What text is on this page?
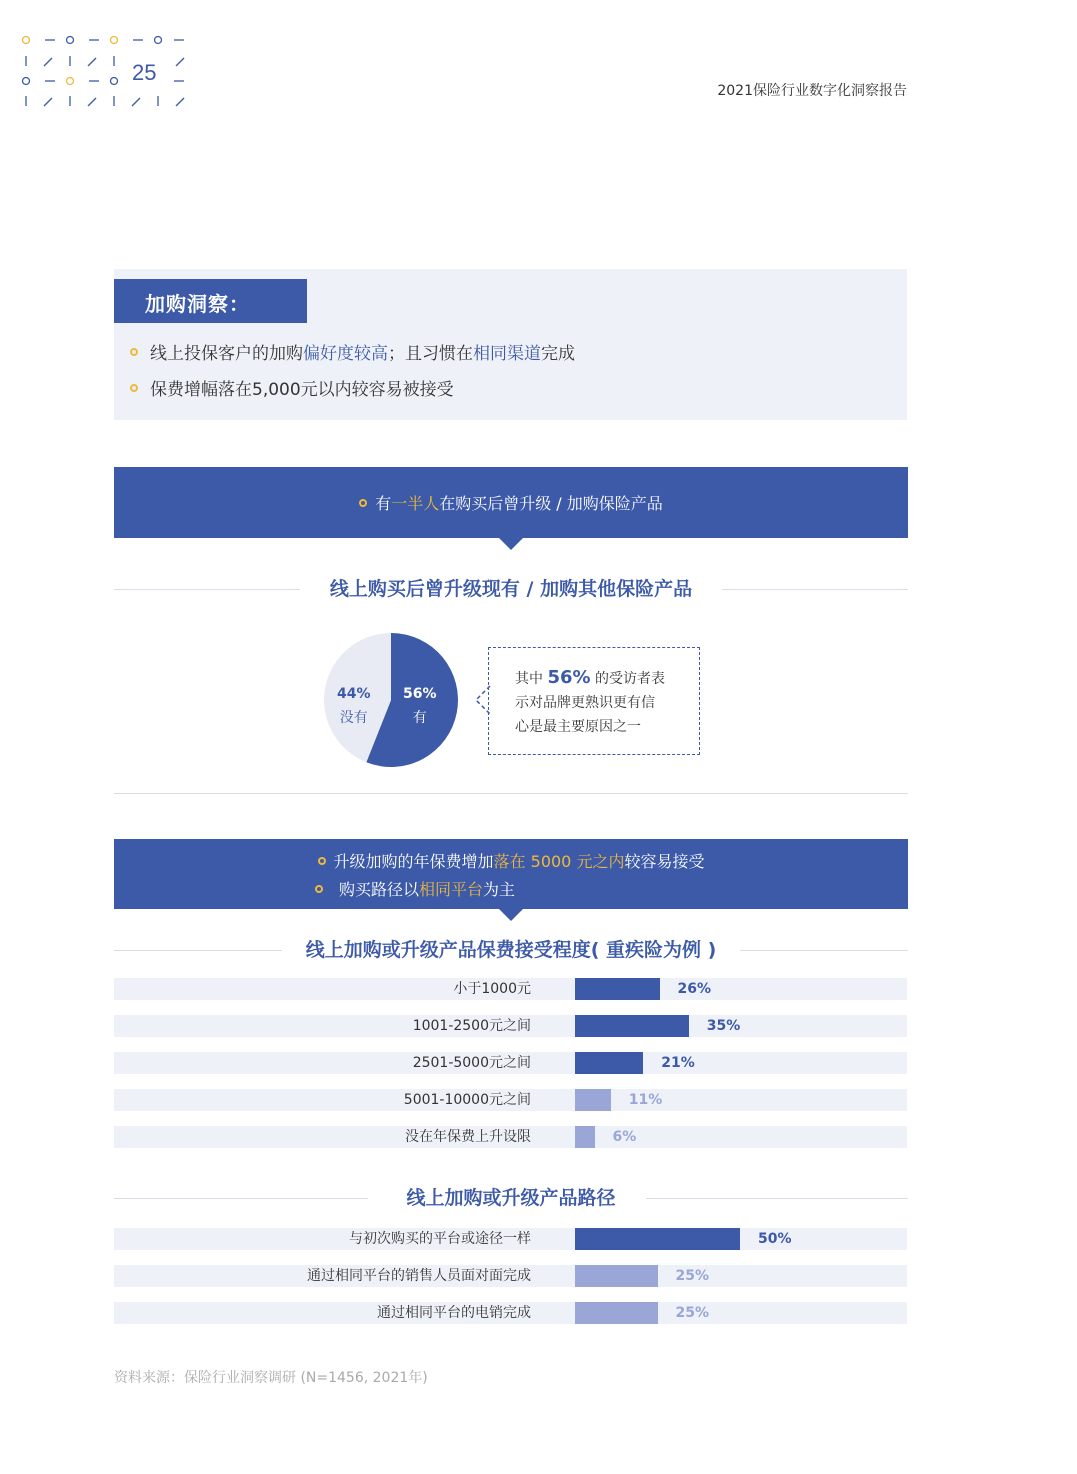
25
2021保险行业数字化洞察报告
加购洞察：
线上投保客户的加购 偏好度较高 ；且习惯在 相同渠道 完成
保费增幅落在5,000元以内较容易被接受
有 一半人 在购买后曾升级 / 加购保险产品
线上购买后曾升级现有 / 加购其他保险产品
44%
没有
56%
有
其中 56% 的受访者表
示对品牌更熟识更有信
心是最主要原因之一
升级加购的年保费增加 落在 5000 元之内 较容易接受
购买路径以 相同平台 为主
线上加购或升级产品保费接受程度( 重疾险为例 )
小于1000元	26%
1001-2500元之间	35%
2501-5000元之间	21%
5001-10000元之间	11%
没在年保费上升设限	6%
线上加购或升级产品路径
与初次购买的平台或途径一样	50%
通过相同平台的销售人员面对面完成	25%
通过相同平台的电销完成	25%
资料来源：保险行业洞察调研 (N=1456, 2021年)
